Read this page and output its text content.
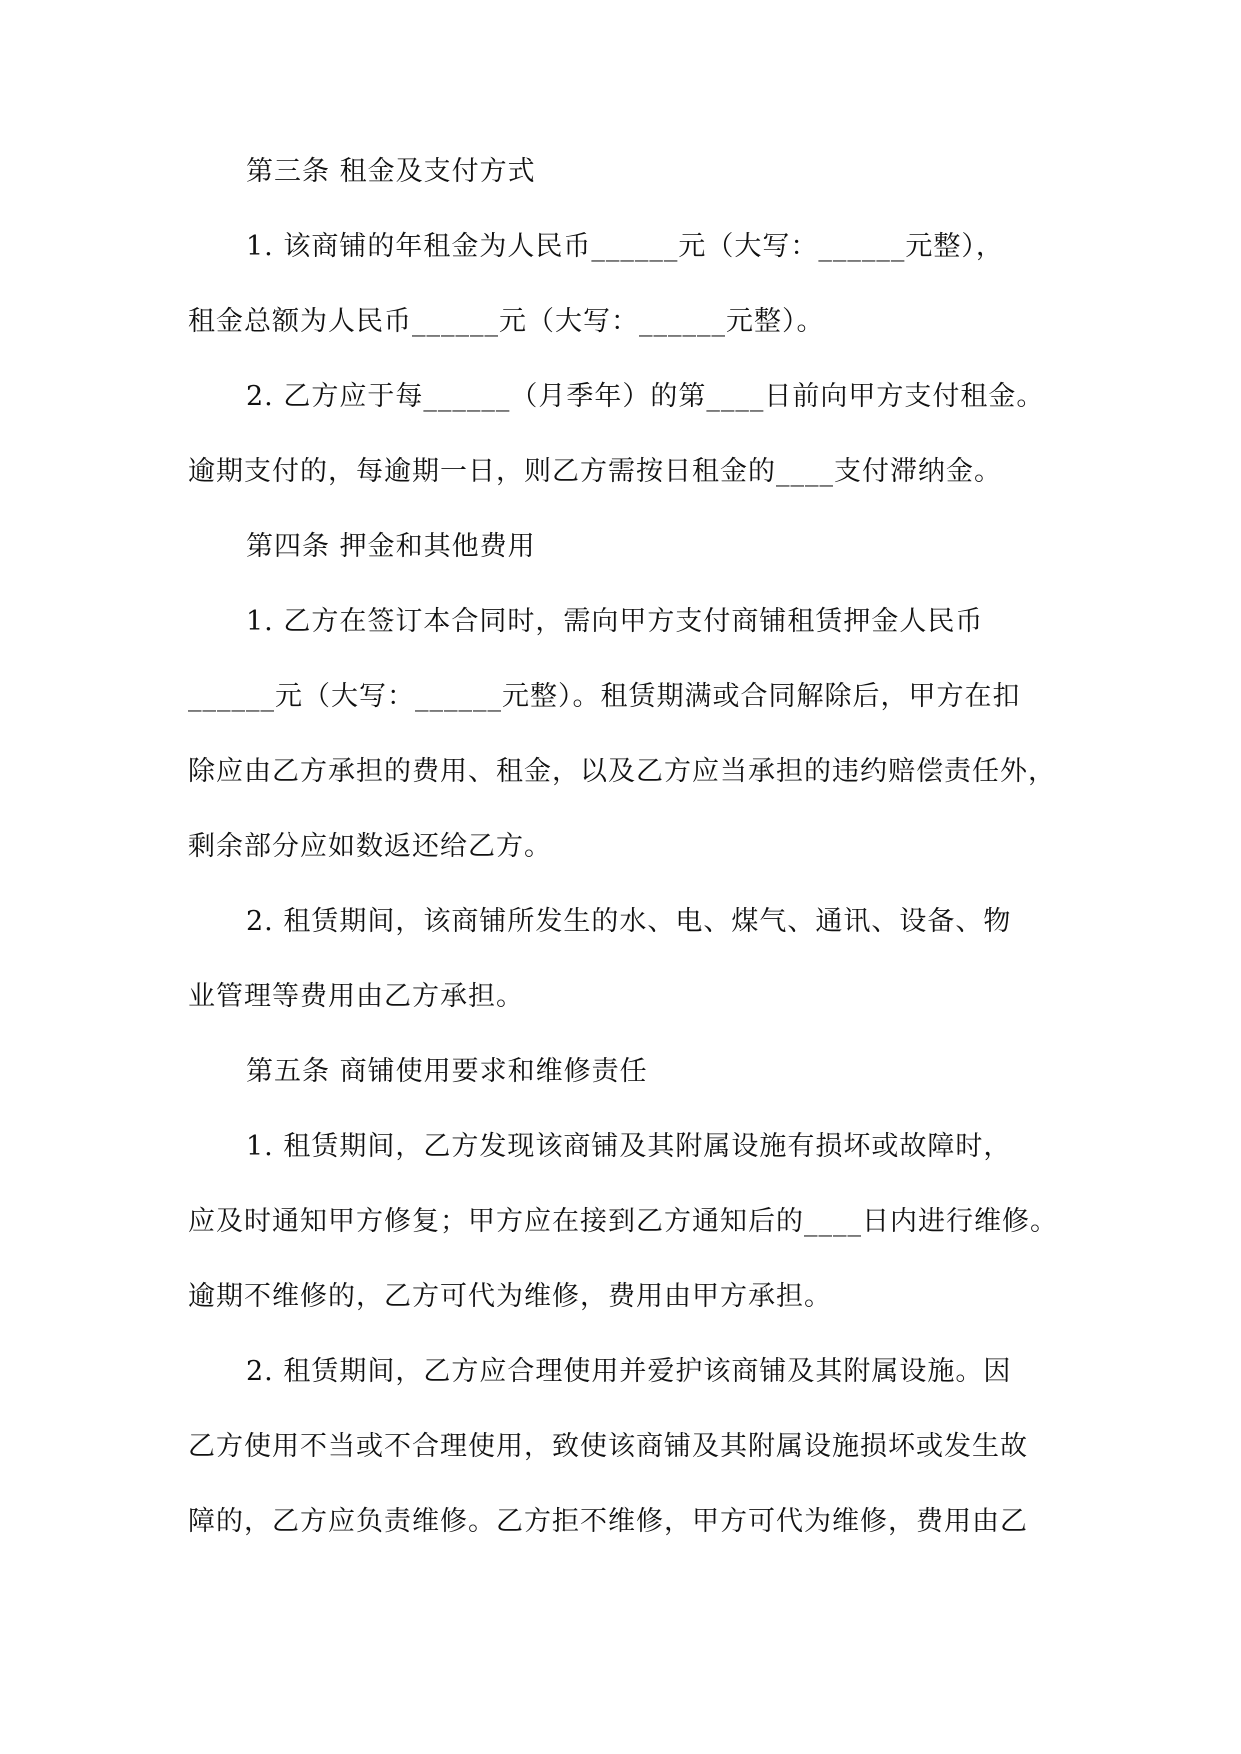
第三条 租金及支付方式
1. 该商铺的年租金为人民币______元（大写：______元整），
租金总额为人民币______元（大写：______元整）。
2. 乙方应于每______（月季年）的第____日前向甲方支付租金。
逾期支付的，每逾期一日，则乙方需按日租金的____支付滞纳金。
第四条 押金和其他费用
1. 乙方在签订本合同时，需向甲方支付商铺租赁押金人民币
______元（大写：______元整）。租赁期满或合同解除后，甲方在扣
除应由乙方承担的费用、租金，以及乙方应当承担的违约赔偿责任外，
剩余部分应如数返还给乙方。
2. 租赁期间，该商铺所发生的水、电、煤气、通讯、设备、物
业管理等费用由乙方承担。
第五条 商铺使用要求和维修责任
1. 租赁期间，乙方发现该商铺及其附属设施有损坏或故障时，
应及时通知甲方修复；甲方应在接到乙方通知后的____日内进行维修。
逾期不维修的，乙方可代为维修，费用由甲方承担。
2. 租赁期间，乙方应合理使用并爱护该商铺及其附属设施。因
乙方使用不当或不合理使用，致使该商铺及其附属设施损坏或发生故
障的，乙方应负责维修。乙方拒不维修，甲方可代为维修，费用由乙
